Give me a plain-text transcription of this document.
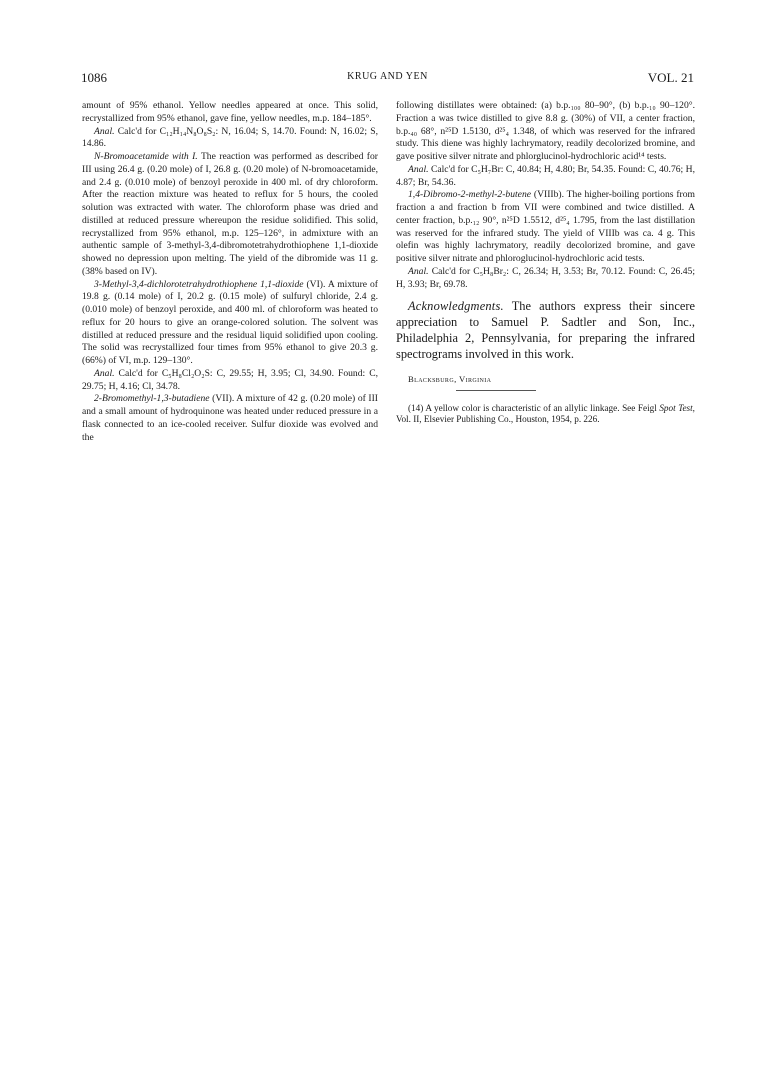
1086	KRUG AND YEN	VOL. 21

amount of 95% ethanol. Yellow needles appeared at once. This solid, recrystallized from 95% ethanol, gave fine, yellow needles, m.p. 184–185°.

Anal. Calc'd for C₁₂H₁₄N₈O₈S₂: N, 16.04; S, 14.70. Found: N, 16.02; S, 14.86.

N-Bromoacetamide with I. The reaction was performed as described for III using 26.4 g. (0.20 mole) of I, 26.8 g. (0.20 mole) of N-bromoacetamide, and 2.4 g. (0.010 mole) of benzoyl peroxide in 400 ml. of dry chloroform. After the reaction mixture was heated to reflux for 5 hours, the cooled solution was extracted with water. The chloroform phase was dried and distilled at reduced pressure whereupon the residue solidified. This solid, recrystallized from 95% ethanol, m.p. 125–126°, in admixture with an authentic sample of 3-methyl-3,4-dibromotetrahydrothiophene 1,1-dioxide showed no depression upon melting. The yield of the dibromide was 11 g. (38% based on IV).

3-Methyl-3,4-dichlorotetrahydrothiophene 1,1-dioxide (VI). A mixture of 19.8 g. (0.14 mole) of I, 20.2 g. (0.15 mole) of sulfuryl chloride, 2.4 g. (0.010 mole) of benzoyl peroxide, and 400 ml. of chloroform was heated to reflux for 20 hours to give an orange-colored solution. The solvent was distilled at reduced pressure and the residual liquid solidified upon cooling. The solid was recrystallized four times from 95% ethanol to give 20.3 g. (66%) of VI, m.p. 129–130°.

Anal. Calc'd for C₅H₈Cl₂O₂S: C, 29.55; H, 3.95; Cl, 34.90. Found: C, 29.75; H, 4.16; Cl, 34.78.

2-Bromomethyl-1,3-butadiene (VII). A mixture of 42 g. (0.20 mole) of III and a small amount of hydroquinone was heated under reduced pressure in a flask connected to an ice-cooled receiver. Sulfur dioxide was evolved and the

following distillates were obtained: (a) b.p.₁₀₀ 80–90°, (b) b.p.₁₀ 90–120°. Fraction a was twice distilled to give 8.8 g. (30%) of VII, a center fraction, b.p.₄₀ 68°, n²⁵D 1.5130, d²⁵₄ 1.348, of which was reserved for the infrared study. This diene was highly lachrymatory, readily decolorized bromine, and gave positive silver nitrate and phlorglucinol-hydrochloric acid¹⁴ tests.

Anal. Calc'd for C₅H₇Br: C, 40.84; H, 4.80; Br, 54.35. Found: C, 40.76; H, 4.87; Br, 54.36.

1,4-Dibromo-2-methyl-2-butene (VIIIb). The higher-boiling portions from fraction a and fraction b from VII were combined and twice distilled. A center fraction, b.p.₁₂ 90°, n²⁵D 1.5512, d²⁵₄ 1.795, from the last distillation was reserved for the infrared study. The yield of VIIIb was ca. 4 g. This olefin was highly lachrymatory, readily decolorized bromine, and gave positive silver nitrate and phloroglucinol-hydrochloric acid tests.

Anal. Calc'd for C₅H₈Br₂: C, 26.34; H, 3.53; Br, 70.12. Found: C, 26.45; H, 3.93; Br, 69.78.

Acknowledgments. The authors express their sincere appreciation to Samuel P. Sadtler and Son, Inc., Philadelphia 2, Pennsylvania, for preparing the infrared spectrograms involved in this work.

Blacksburg, Virginia

(14) A yellow color is characteristic of an allylic linkage. See Feigl Spot Test, Vol. II, Elsevier Publishing Co., Houston, 1954, p. 226.
